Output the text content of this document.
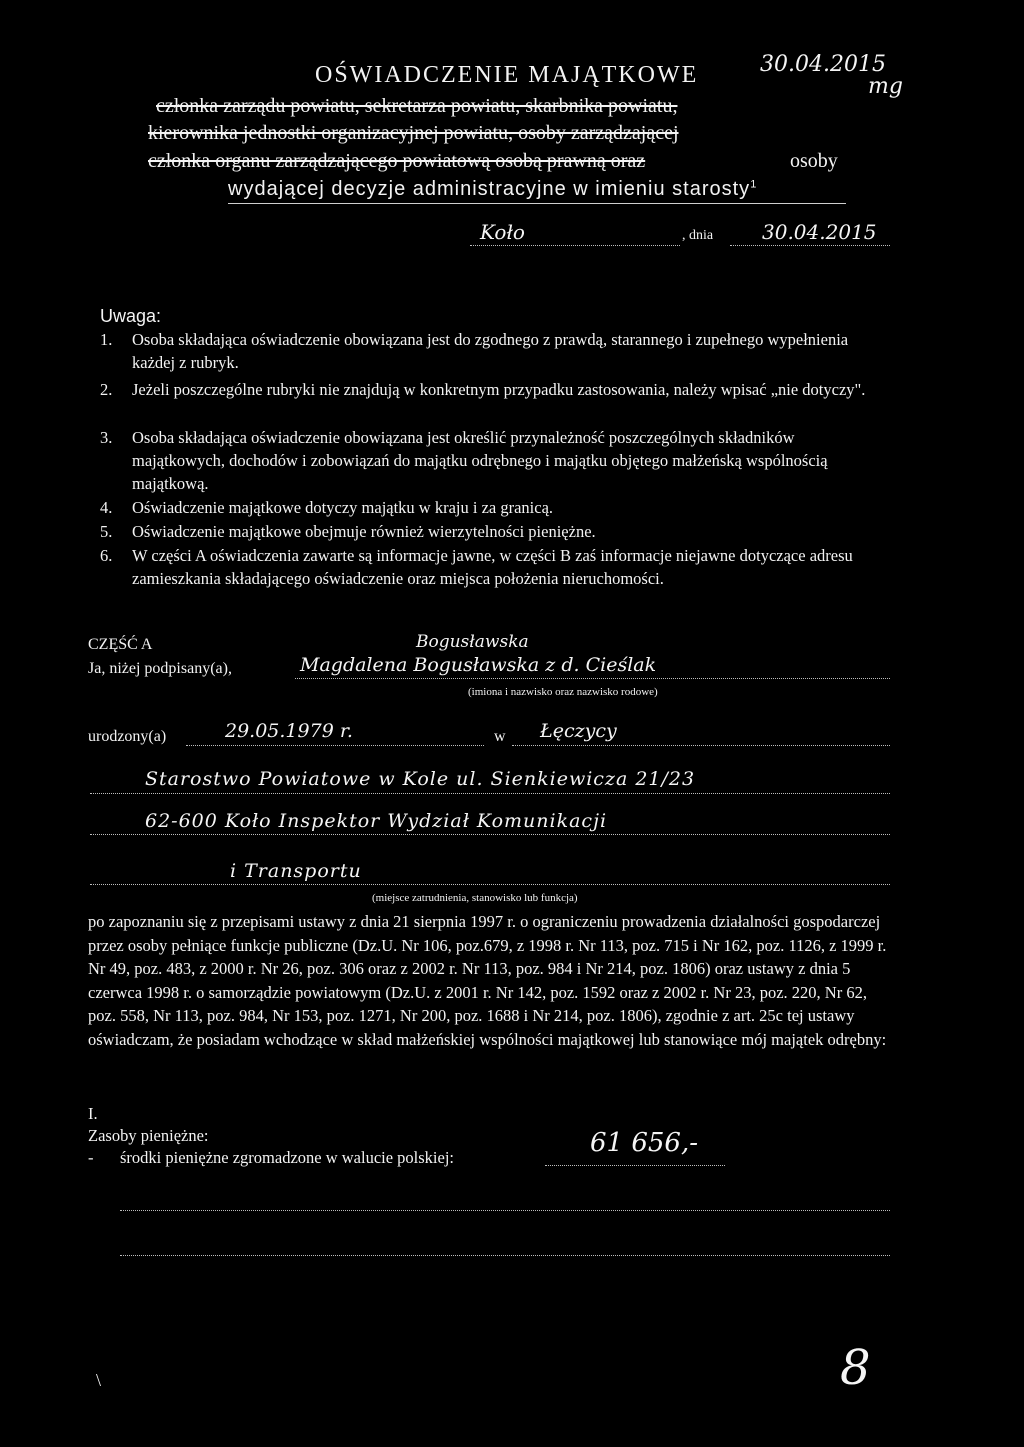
OŚWIADCZENIE MAJĄTKOWE	30.04.2015
mg
członka zarządu powiatu, sekretarza powiatu, skarbnika powiatu,
kierownika jednostki organizacyjnej powiatu, osoby zarządzającej
członka organu zarządzającego powiatową osobą prawną oraz	osoby
wydającej decyzje administracyjne w imieniu starosty$^1$
Koło	, dnia 30.04.2015
Uwaga:
1. Osoba składająca oświadczenie obowiązana jest do zgodnego z prawdą, starannego i zupełnego wypełnienia każdej z rubryk.
2. Jeżeli poszczególne rubryki nie znajdują w konkretnym przypadku zastosowania, należy wpisać „nie dotyczy".
3. Osoba składająca oświadczenie obowiązana jest określić przynależność poszczególnych składników majątkowych, dochodów i zobowiązań do majątku odrębnego i majątku objętego małżeńską wspólnością majątkową.
4. Oświadczenie majątkowe dotyczy majątku w kraju i za granicą.
5. Oświadczenie majątkowe obejmuje również wierzytelności pieniężne.
6. W części A oświadczenia zawarte są informacje jawne, w części B zaś informacje niejawne dotyczące adresu zamieszkania składającego oświadczenie oraz miejsca położenia nieruchomości.
CZĘŚĆ A	Bogusławska
Ja, niżej podpisany(a),	Magdalena Bogusławska z d. Cieślak
(imiona i nazwisko oraz nazwisko rodowe)
urodzony(a)	29.05.1979 r.	w Łęczycy
Starostwo Powiatowe w Kole ul. Sienkiewicza 21/23
62-600 Koło Inspektor Wydział Komunikacji
i Transportu
(miejsce zatrudnienia, stanowisko lub funkcja)

po zapoznaniu się z przepisami ustawy z dnia 21 sierpnia 1997 r. o ograniczeniu prowadzenia działalności gospodarczej przez osoby pełniące funkcje publiczne (Dz.U. Nr 106, poz.679, z 1998 r. Nr 113, poz. 715 i Nr 162, poz. 1126, z 1999 r. Nr 49, poz. 483, z 2000 r. Nr 26, poz. 306 oraz z 2002 r. Nr 113, poz. 984 i Nr 214, poz. 1806) oraz ustawy z dnia 5 czerwca 1998 r. o samorządzie powiatowym (Dz.U. z 2001 r. Nr 142, poz. 1592 oraz z 2002 r. Nr 23, poz. 220, Nr 62, poz. 558, Nr 113, poz. 984, Nr 153, poz. 1271, Nr 200, poz. 1688 i Nr 214, poz. 1806), zgodnie z art. 25c tej ustawy oświadczam, że posiadam wchodzące w skład małżeńskiej wspólności majątkowej lub stanowiące mój majątek odrębny:

I.
Zasoby pieniężne:
- środki pieniężne zgromadzone w walucie polskiej:	61 656,-
\	8
